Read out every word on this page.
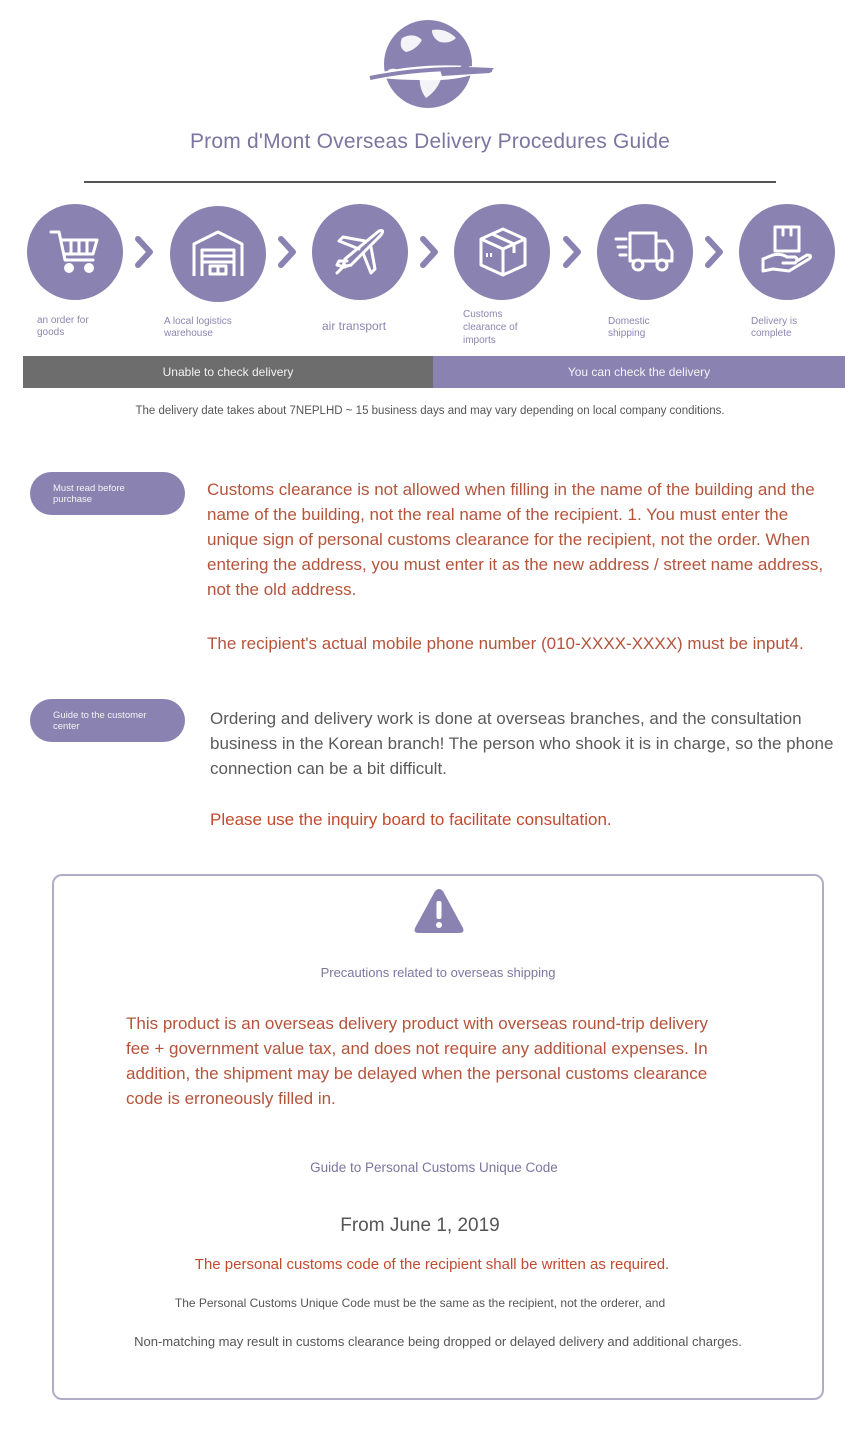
Prom d'Mont Overseas Delivery Procedures Guide
an order for goods
A local logistics warehouse
air transport
Customs clearance of imports
Domestic shipping
Delivery is complete
Unable to check delivery	You can check the delivery
The delivery date takes about 7NEPLHD ~ 15 business days and may vary depending on local company conditions.
Must read before purchase
Customs clearance is not allowed when filling in the name of the building and the name of the building, not the real name of the recipient. 1. You must enter the unique sign of personal customs clearance for the recipient, not the order. When entering the address, you must enter it as the new address / street name address, not the old address.
The recipient's actual mobile phone number (010-XXXX-XXXX) must be input4.
Guide to the customer center	Ordering and delivery work is done at overseas branches, and the consultation business in the Korean branch! The person who shook it is in charge, so the phone connection can be a bit difficult.
Please use the inquiry board to facilitate consultation.
Precautions related to overseas shipping
This product is an overseas delivery product with overseas round-trip delivery fee + government value tax, and does not require any additional expenses. In addition, the shipment may be delayed when the personal customs clearance code is erroneously filled in.
Guide to Personal Customs Unique Code
From June 1, 2019
The personal customs code of the recipient shall be written as required.
The Personal Customs Unique Code must be the same as the recipient, not the orderer, and
Non-matching may result in customs clearance being dropped or delayed delivery and additional charges.
